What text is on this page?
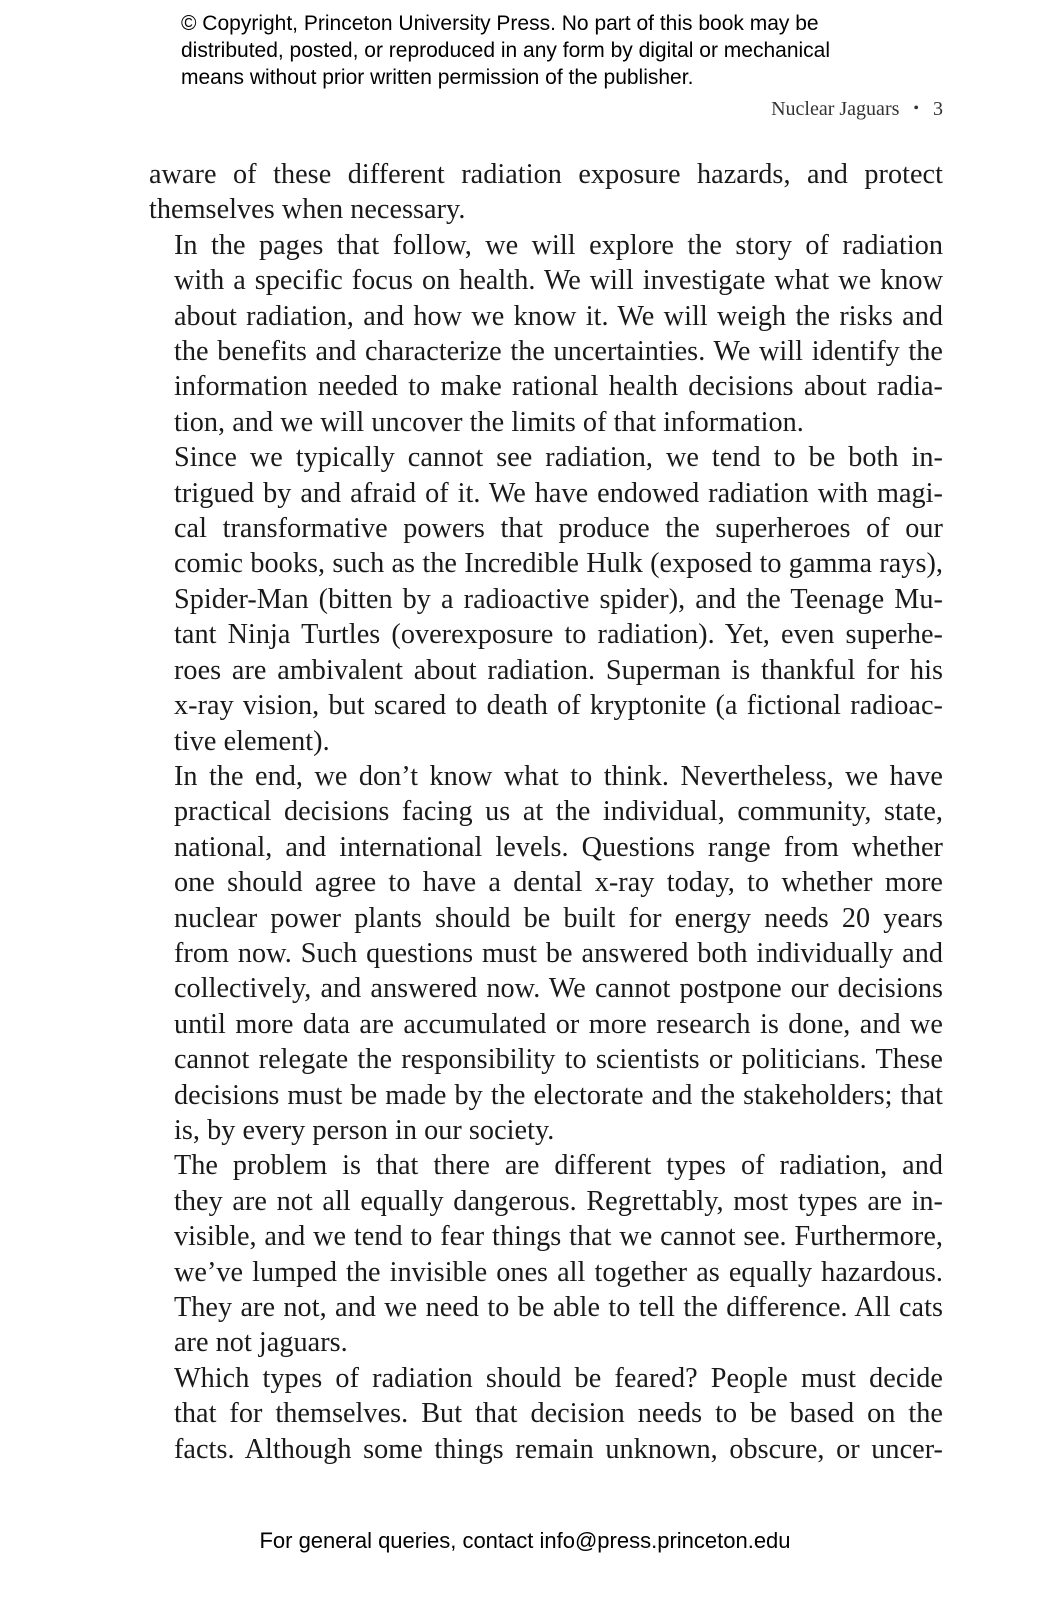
© Copyright, Princeton University Press. No part of this book may be
distributed, posted, or reproduced in any form by digital or mechanical
means without prior written permission of the publisher.
Nuclear Jaguars • 3

aware of these different radiation exposure hazards, and protect
themselves when necessary.

In the pages that follow, we will explore the story of radiation
with a specific focus on health. We will investigate what we know
about radiation, and how we know it. We will weigh the risks and
the benefits and characterize the uncertainties. We will identify the
information needed to make rational health decisions about radia-
tion, and we will uncover the limits of that information.

Since we typically cannot see radiation, we tend to be both in-
trigued by and afraid of it. We have endowed radiation with magi-
cal transformative powers that produce the superheroes of our
comic books, such as the Incredible Hulk (exposed to gamma rays),
Spider-Man (bitten by a radioactive spider), and the Teenage Mu-
tant Ninja Turtles (overexposure to radiation). Yet, even superhe-
roes are ambivalent about radiation. Superman is thankful for his
x-ray vision, but scared to death of kryptonite (a fictional radioac-
tive element).

In the end, we don’t know what to think. Nevertheless, we have
practical decisions facing us at the individual, community, state,
national, and international levels. Questions range from whether
one should agree to have a dental x-ray today, to whether more
nuclear power plants should be built for energy needs 20 years
from now. Such questions must be answered both individually and
collectively, and answered now. We cannot postpone our decisions
until more data are accumulated or more research is done, and we
cannot relegate the responsibility to scientists or politicians. These
decisions must be made by the electorate and the stakeholders; that
is, by every person in our society.

The problem is that there are different types of radiation, and
they are not all equally dangerous. Regrettably, most types are in-
visible, and we tend to fear things that we cannot see. Furthermore,
we’ve lumped the invisible ones all together as equally hazardous.
They are not, and we need to be able to tell the difference. All cats
are not jaguars.

Which types of radiation should be feared? People must decide
that for themselves. But that decision needs to be based on the
facts. Although some things remain unknown, obscure, or uncer-

For general queries, contact info@press.princeton.edu
